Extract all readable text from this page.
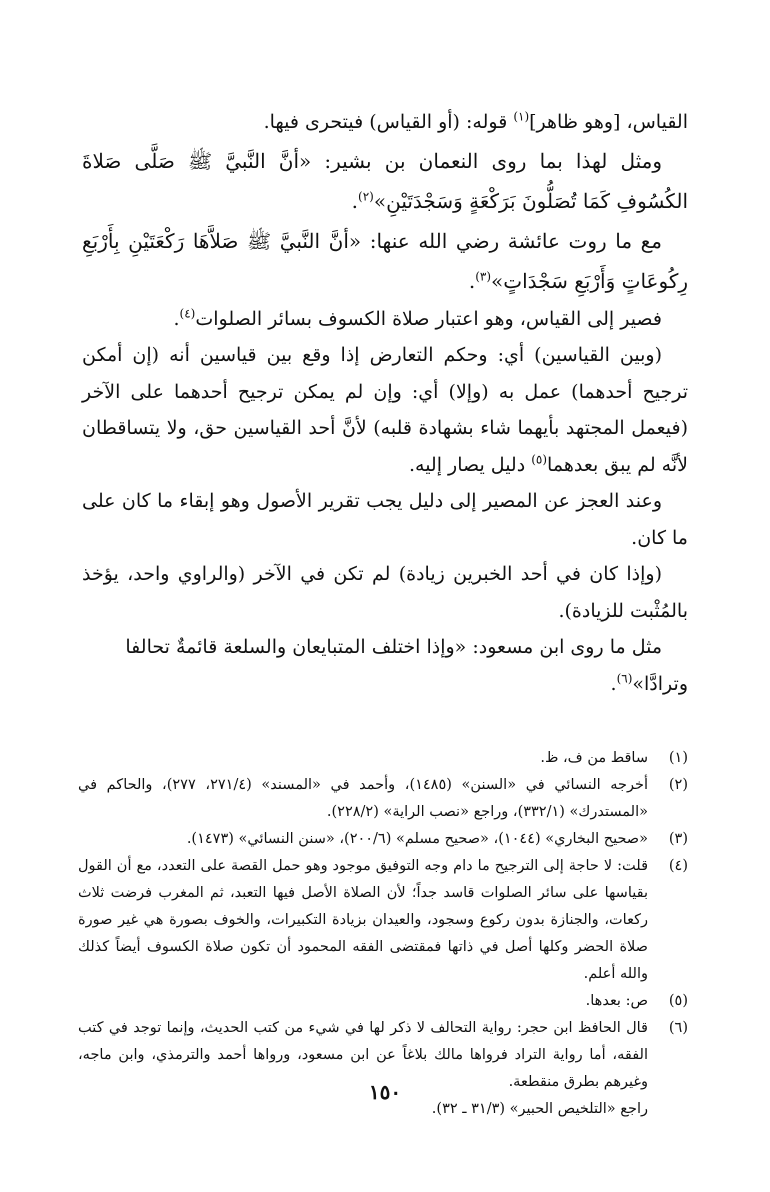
القياس، [وهو ظاهر]$^{(١)}$ قوله: (أو القياس) فيتحرى فيها.

ومثل لهذا بما روى النعمان بن بشير: «أنَّ النَّبيَّ ﷺ صَلَّى صَلاةَ الكُسُوفِ كَمَا تُصَلُّونَ بَرَكْعَةٍ وَسَجْدَتَيْنِ»$^{(٢)}$.

مع ما روت عائشة رضي الله عنها: «أنَّ النَّبيَّ ﷺ صَلاَّهَا رَكْعَتَيْنِ بِأَرْبَعِ رِكُوعَاتٍ وَأَرْبَعِ سَجْدَاتٍ»$^{(٣)}$.

فصير إلى القياس، وهو اعتبار صلاة الكسوف بسائر الصلوات$^{(٤)}$.

(وبين القياسين) أي: وحكم التعارض إذا وقع بين قياسين أنه (إن أمكن ترجيح أحدهما) عمل به (وإلا) أي: وإن لم يمكن ترجيح أحدهما على الآخر (فيعمل المجتهد بأيهما شاء بشهادة قلبه) لأنَّ أحد القياسين حق، ولا يتساقطان لأنَّه لم يبق بعدهما$^{(٥)}$ دليل يصار إليه.

وعند العجز عن المصير إلى دليل يجب تقرير الأصول وهو إبقاء ما كان على ما كان.

(وإذا كان في أحد الخبرين زيادة) لم تكن في الآخر (والراوي واحد، يؤخذ بالمُثْبت للزيادة).

مثل ما روى ابن مسعود: «وإذا اختلف المتبايعان والسلعة قائمةٌ تحالفا وترادَّا»$^{(٦)}$.

(١)

ساقط من ف، ظ.

(٢)

أخرجه النسائي في «السنن» (١٤٨٥)، وأحمد في «المسند» (٢٧١/٤، ٢٧٧)، والحاكم في «المستدرك» (٣٣٢/١)، وراجع «نصب الراية» (٢٢٨/٢).

(٣)

«صحيح البخاري» (١٠٤٤)، «صحيح مسلم» (٢٠٠/٦)، «سنن النسائي» (١٤٧٣).

(٤)

قلت: لا حاجة إلى الترجيح ما دام وجه التوفيق موجود وهو حمل القصة على التعدد، مع أن القول بقياسها على سائر الصلوات قاسد جداً؛ لأن الصلاة الأصل فيها التعبد، ثم المغرب فرضت ثلاث ركعات، والجنازة بدون ركوع وسجود، والعيدان بزيادة التكبيرات، والخوف بصورة هي غير صورة صلاة الحضر وكلها أصل في ذاتها فمقتضى الفقه المحمود أن تكون صلاة الكسوف أيضاً كذلك والله أعلم.

(٥)

ص: بعدها.

(٦)

قال الحافظ ابن حجر: رواية التحالف لا ذكر لها في شيء من كتب الحديث، وإنما توجد في كتب الفقه، أما رواية التراد فرواها مالك بلاغاً عن ابن مسعود، ورواها أحمد والترمذي، وابن ماجه، وغيرهم بطرق منقطعة.

راجع «التلخيص الحبير» (٣١/٣ ـ ٣٢).

١٥٠
